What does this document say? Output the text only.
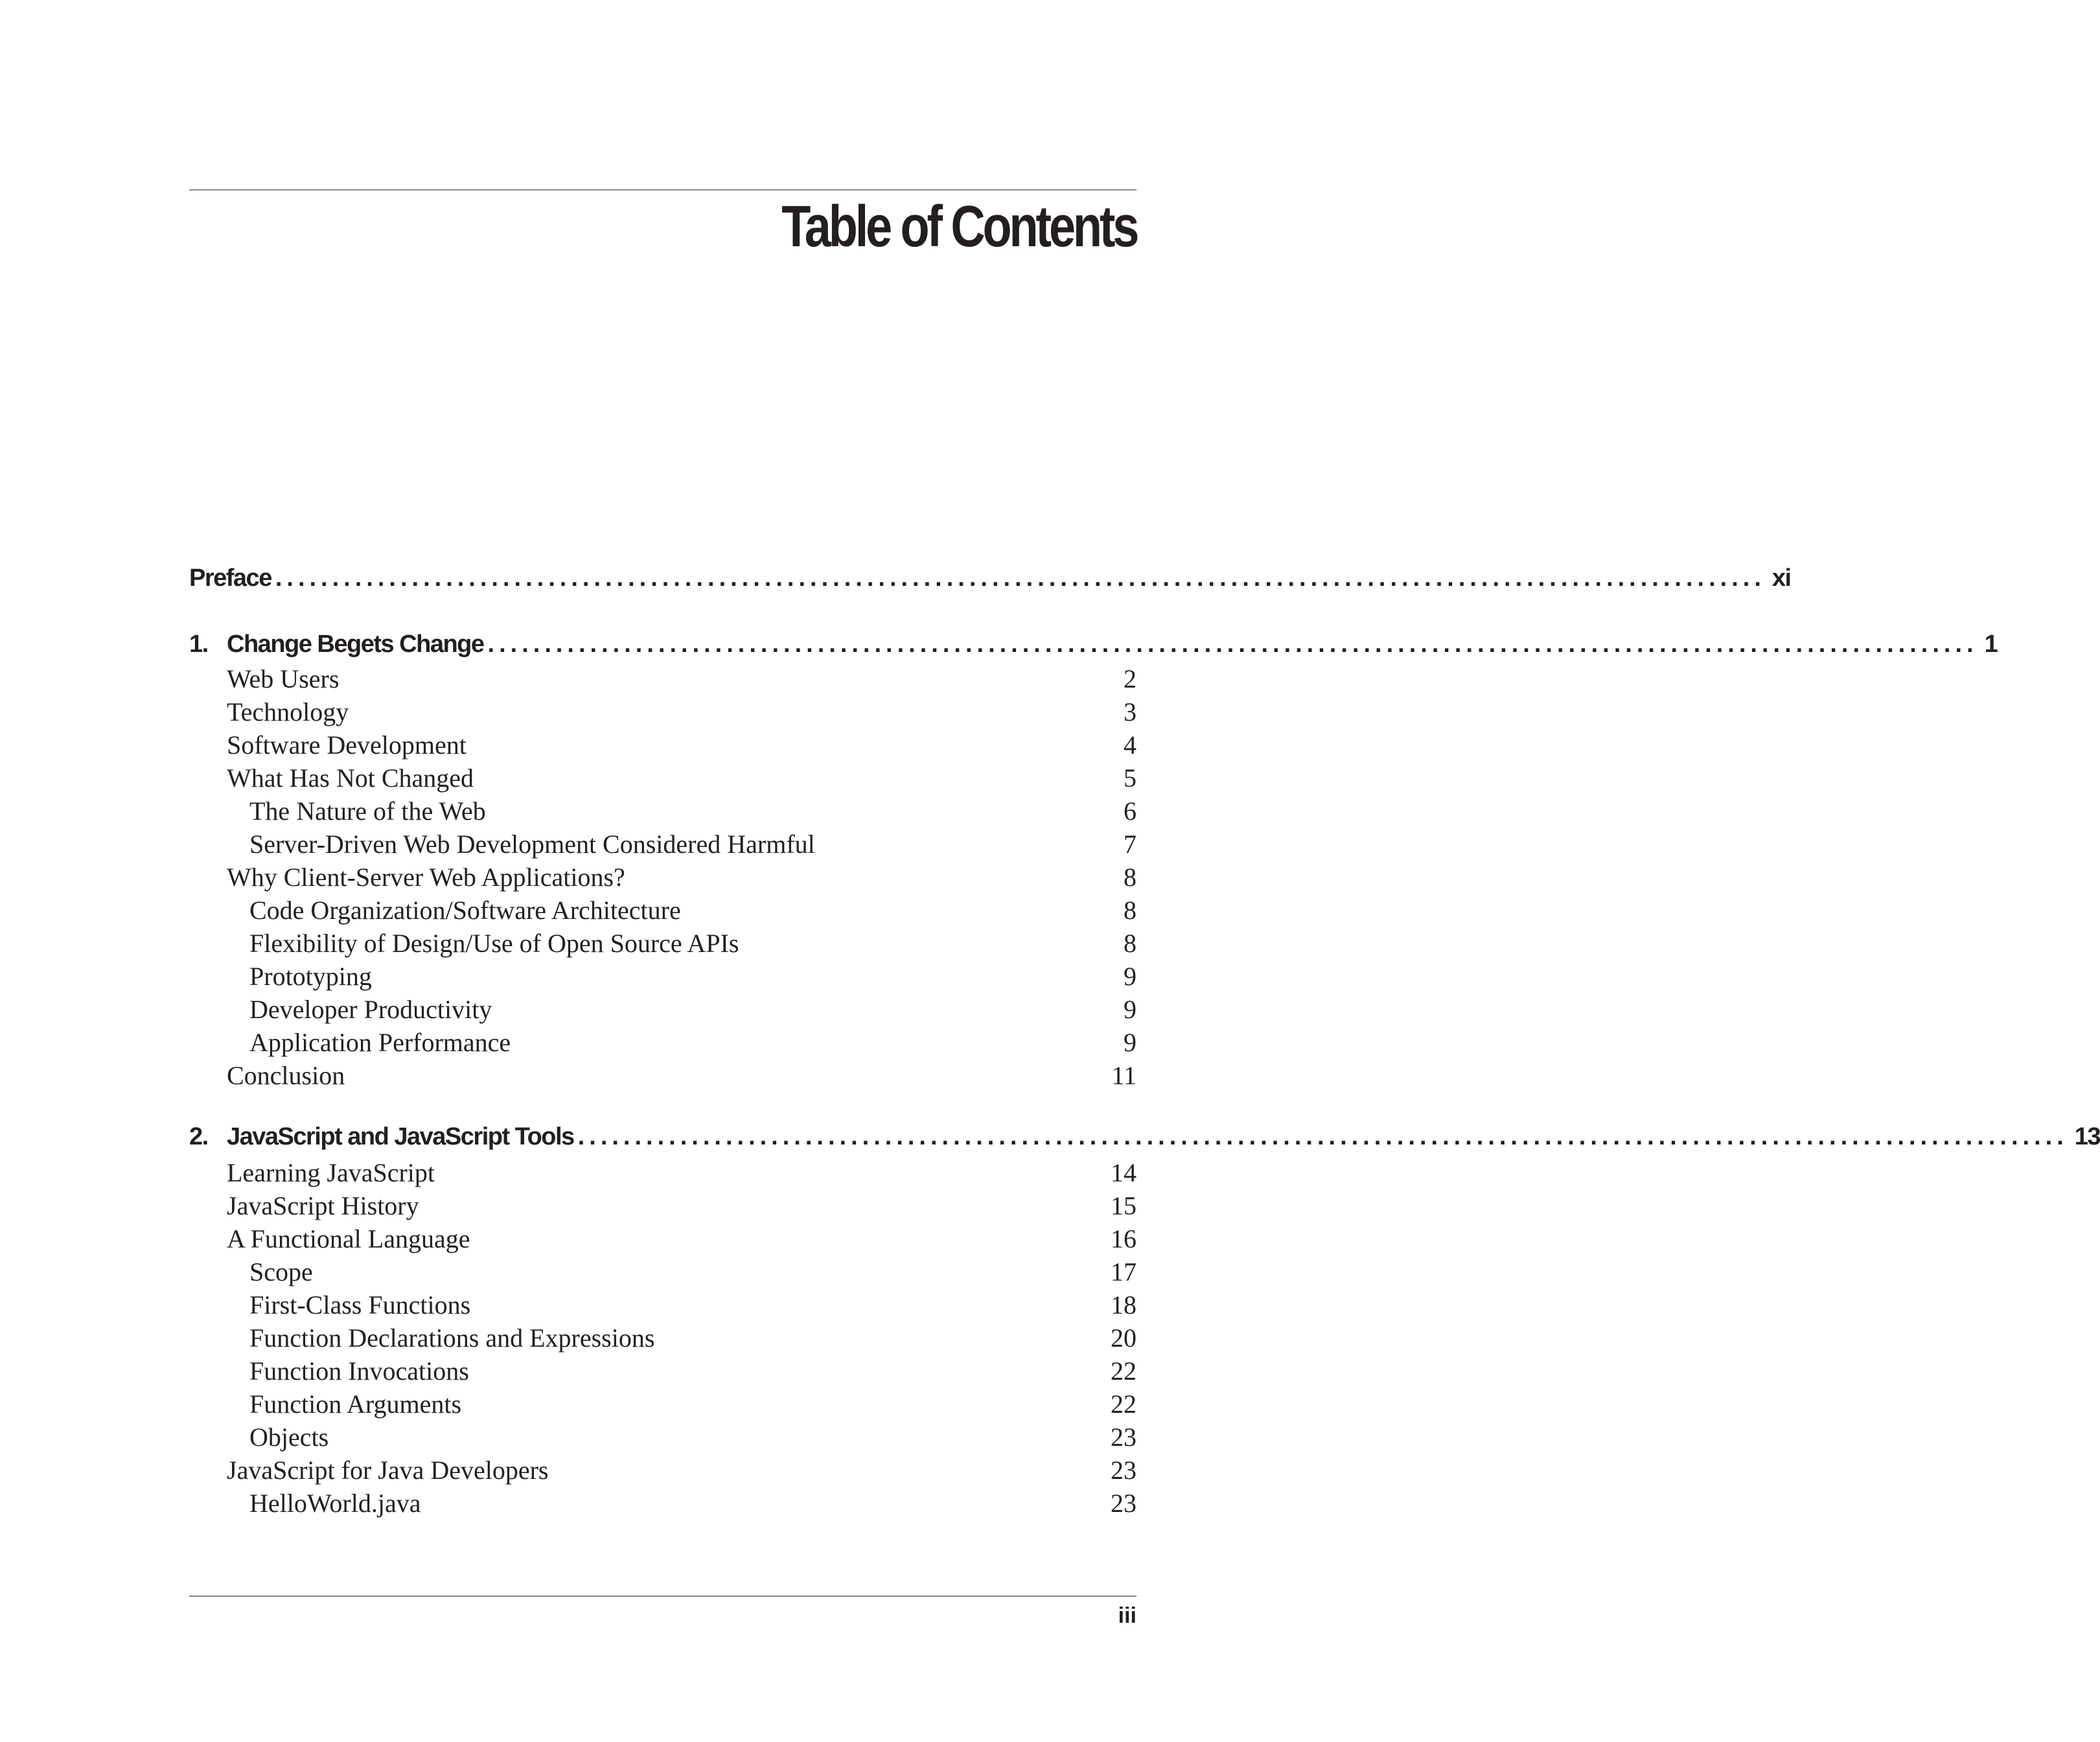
Table of Contents
Preface ................................................................................................................................... xi
1. Change Begets Change ................................................................................................................................... 1
Web Users	2
Technology	3
Software Development	4
What Has Not Changed	5
The Nature of the Web	6
Server-Driven Web Development Considered Harmful	7
Why Client-Server Web Applications?	8
Code Organization/Software Architecture	8
Flexibility of Design/Use of Open Source APIs	8
Prototyping	9
Developer Productivity	9
Application Performance	9
Conclusion	11
2. JavaScript and JavaScript Tools ................................................................................................................................... 13
Learning JavaScript	14
JavaScript History	15
A Functional Language	16
Scope	17
First-Class Functions	18
Function Declarations and Expressions	20
Function Invocations	22
Function Arguments	22
Objects	23
JavaScript for Java Developers	23
HelloWorld.java	23
iii
